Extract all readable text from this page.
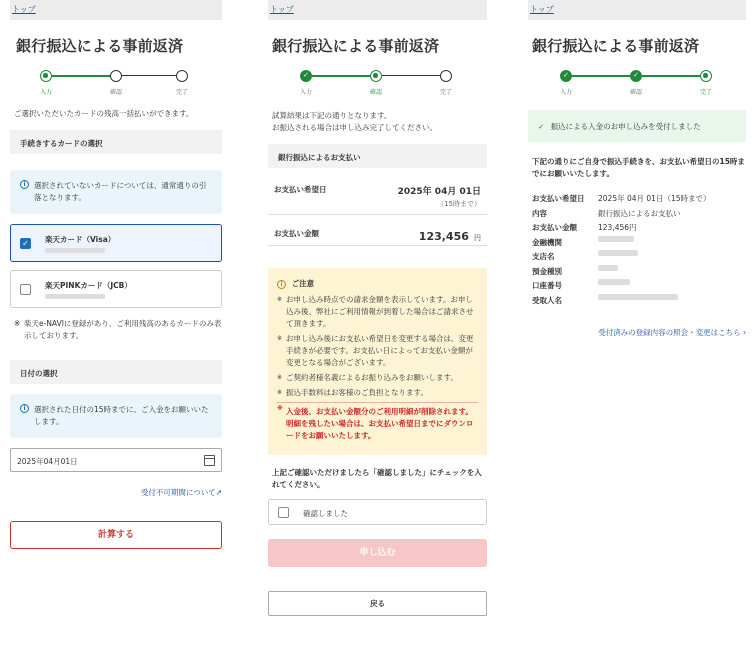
トップ
銀行振込による事前返済
入力	確認	完了
ご選択いただいたカードの残高一括払いができます。
手続きするカードの選択
i	選択されていないカードについては、通常通りの引落となります。
✓ 楽天カード（Visa）
楽天PINKカード（JCB）
※ 楽天e-NAVIに登録があり、ご利用残高のあるカードのみ表示しております。
日付の選択
i	選択された日付の15時までに、ご入金をお願いいたします。
2025年04月01日
受付不可期間について↗
計算する
トップ
銀行振込による事前返済
✓
入力	確認	完了
試算結果は下記の通りとなります。
お振込される場合は申し込み完了してください。
銀行振込によるお支払い
お支払い希望日	2025年 04月 01日
（15時まで）
お支払い金額	123,456 円
i ご注意
※ お申し込み時点での請求金額を表示しています。お申し込み後、弊社にご利用情報が到着した場合はご請求させて頂きます。
※ お申し込み後にお支払い希望日を変更する場合は、変更手続きが必要です。お支払い日によってお支払い金額が変更となる場合がございます。
※ ご契約者様名義によるお振り込みをお願いします。
※ 振込手数料はお客様のご負担となります。
※ 入金後、お支払い金額分のご利用明細が削除されます。明細を残したい場合は、お支払い希望日までにダウンロードをお願いいたします。
上記ご確認いただけましたら「確認しました」にチェックを入れてください。
確認しました
申し込む
戻る
トップ
銀行振込による事前返済
✓	✓
入力	確認	完了
✓ 振込による入金のお申し込みを受付しました
下記の通りにご自身で振込手続きを、お支払い希望日の15時までにお願いいたします。
お支払い希望日	2025年 04月 01日（15時まで）
内容	銀行振込によるお支払い
お支払い金額	123,456円
金融機関
支店名
預金種別
口座番号
受取人名
受付済みの登録内容の照会・変更はこちら ›
